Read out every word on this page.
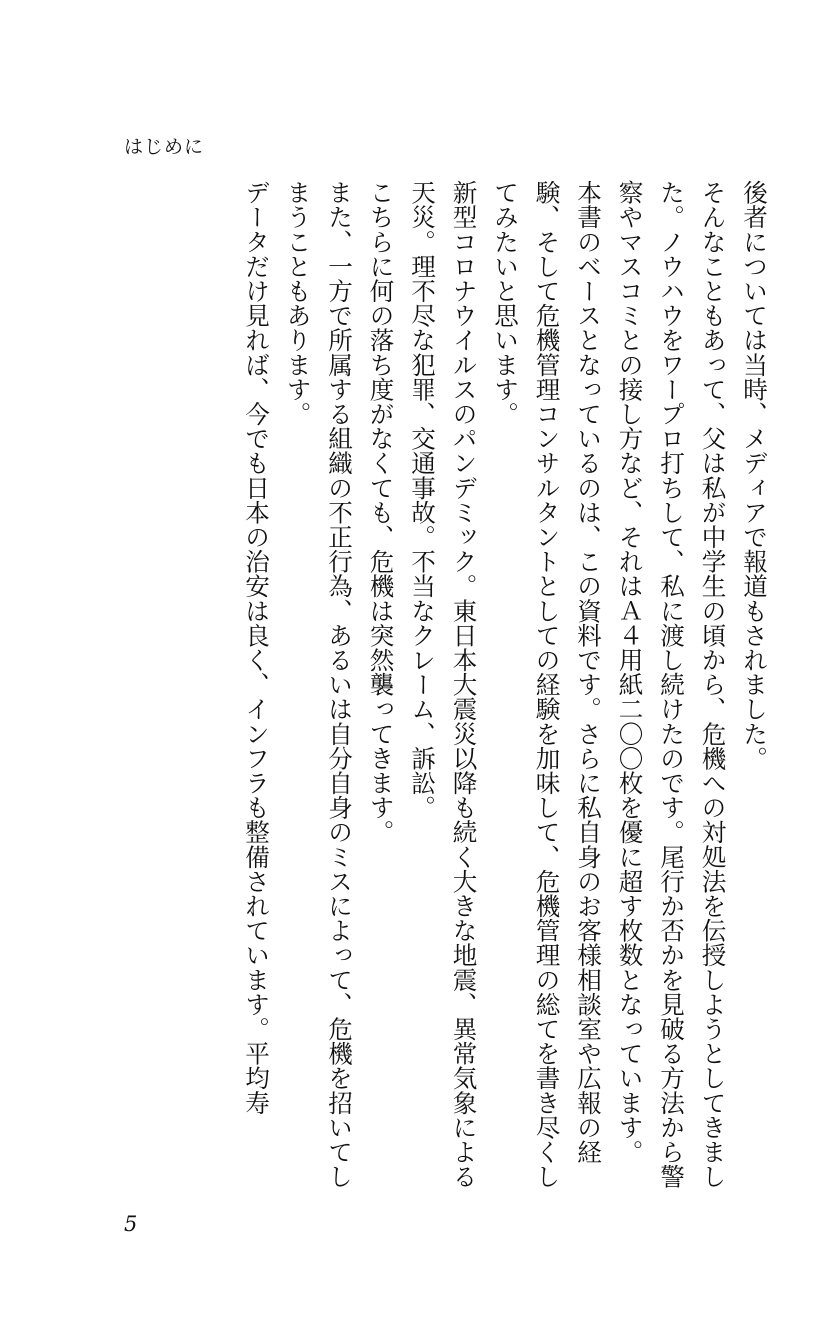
はじめに

後者については当時、メディアで報道もされました。

そんなこともあって、父は私が中学生の頃から、危機への対処法を伝授しようとしてきました。ノウハウをワープロ打ちして、私に渡し続けたのです。尾行か否かを見破る方法から警察やマスコミとの接し方など、それはＡ４用紙二〇〇枚を優に超す枚数となっています。

本書のベースとなっているのは、この資料です。さらに私自身のお客様相談室や広報の経験、そして危機管理コンサルタントとしての経験を加味して、危機管理の総てを書き尽くしてみたいと思います。

新型コロナウイルスのパンデミック。東日本大震災以降も続く大きな地震、異常気象による天災。理不尽な犯罪、交通事故。不当なクレーム、訴訟。

こちらに何の落ち度がなくても、危機は突然襲ってきます。

また、一方で所属する組織の不正行為、あるいは自分自身のミスによって、危機を招いてしまうこともあります。

データだけ見れば、今でも日本の治安は良く、インフラも整備されています。平均寿

5
